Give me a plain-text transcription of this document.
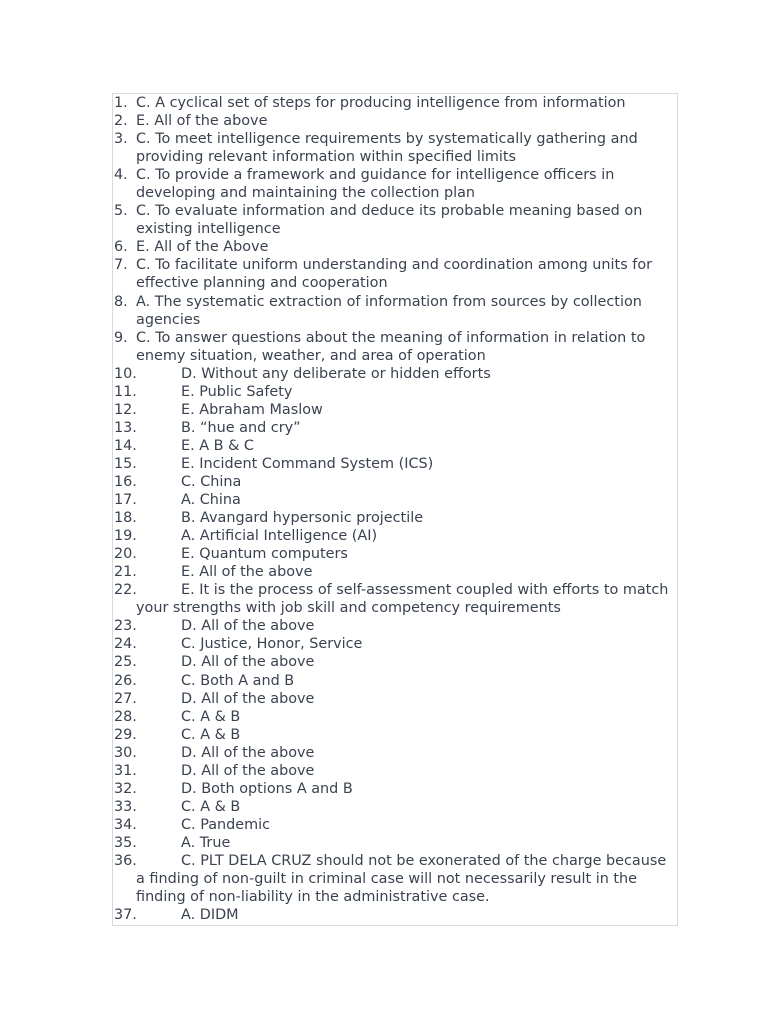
1. C. A cyclical set of steps for producing intelligence from information
2. E. All of the above
3. C. To meet intelligence requirements by systematically gathering and providing relevant information within specified limits
4. C. To provide a framework and guidance for intelligence officers in developing and maintaining the collection plan
5. C. To evaluate information and deduce its probable meaning based on existing intelligence
6. E. All of the Above
7. C. To facilitate uniform understanding and coordination among units for effective planning and cooperation
8. A. The systematic extraction of information from sources by collection agencies
9. C. To answer questions about the meaning of information in relation to enemy situation, weather, and area of operation
10.	D. Without any deliberate or hidden efforts
11.	E. Public Safety
12.	E. Abraham Maslow
13.	B. “hue and cry”
14.	E. A B & C
15.	E. Incident Command System (ICS)
16.	C. China
17.	A. China
18.	B. Avangard hypersonic projectile
19.	A. Artificial Intelligence (AI)
20.	E. Quantum computers
21.	E. All of the above
22.	E. It is the process of self-assessment coupled with efforts to match your strengths with job skill and competency requirements
23.	D. All of the above
24.	C. Justice, Honor, Service
25.	D. All of the above
26.	C. Both A and B
27.	D. All of the above
28.	C. A & B
29.	C. A & B
30.	D. All of the above
31.	D. All of the above
32.	D. Both options A and B
33.	C. A & B
34.	C. Pandemic
35.	A. True
36.	C. PLT DELA CRUZ should not be exonerated of the charge because a finding of non-guilt in criminal case will not necessarily result in the finding of non-liability in the administrative case.
37.	A. DIDM
